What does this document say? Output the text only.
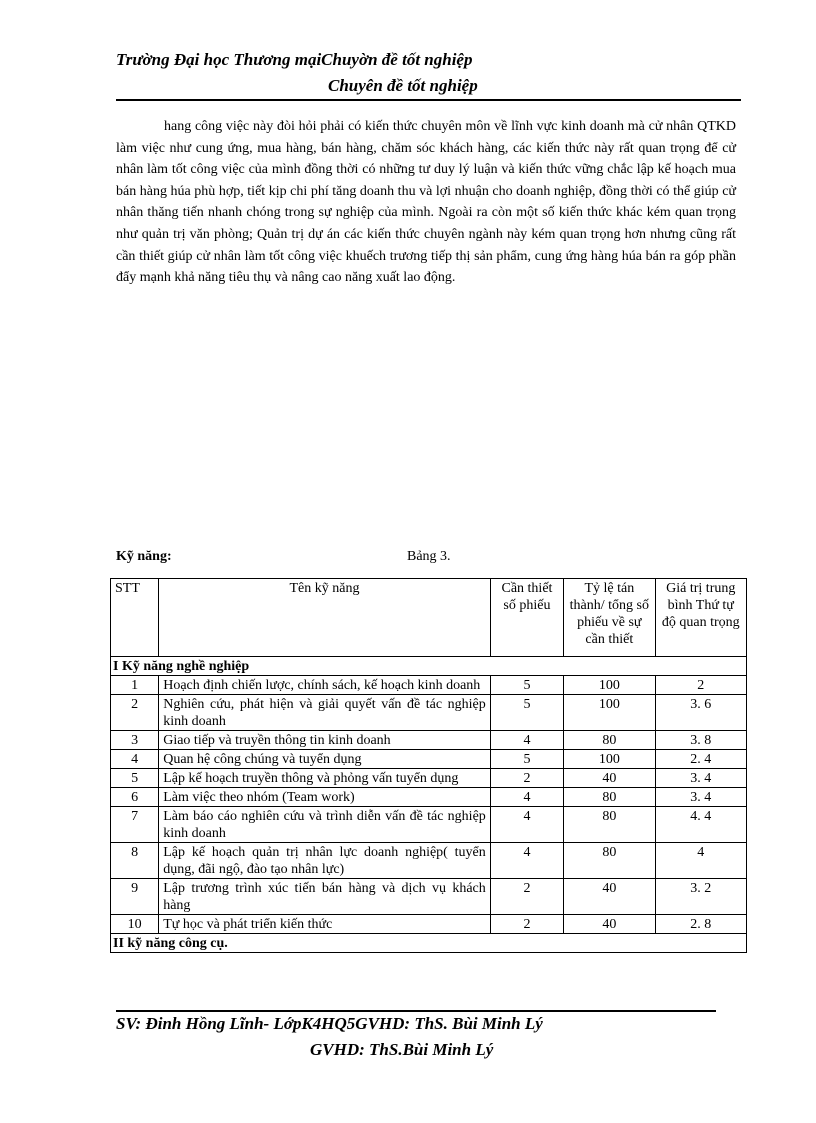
Trường Đại học Thương mạiChuyờn đề tốt nghiệp
Chuyên đề tốt nghiệp

hang công việc này đòi hỏi phải có kiến thức chuyên môn về lĩnh vực kinh doanh mà cử nhân QTKD làm việc như cung ứng, mua hàng, bán hàng, chăm sóc khách hàng, các kiến thức này rất quan trọng để cử nhân làm tốt công việc của mình đồng thời có những tư duy lý luận và kiến thức vững chắc lập kế hoạch mua bán hàng húa phù hợp, tiết kịp chi phí tăng doanh thu và lợi nhuận cho doanh nghiệp, đồng thời có thể giúp cử nhân thăng tiến nhanh chóng trong sự nghiệp của mình. Ngoài ra còn một số kiến thức khác kém quan trọng như quản trị văn phòng; Quản trị dự án các kiến thức chuyên ngành này kém quan trọng hơn nhưng cũng rất cần thiết giúp cử nhân làm tốt công việc khuếch trương tiếp thị sản phẩm, cung ứng hàng húa bán ra góp phần đẩy mạnh khả năng tiêu thụ và nâng cao năng xuất lao động.

Kỹ năng:	Bảng 3.
STT	Tên kỹ năng	Cần thiết số phiếu	Tỷ lệ tán thành/ tổng số phiếu về sự cần thiết	Giá trị trung bình Thứ tự độ quan trọng
I Kỹ năng nghề nghiệp				
1	Hoạch định chiến lược, chính sách, kế hoạch kinh doanh	5	100	2
2	Nghiên cứu, phát hiện và giải quyết vấn đề tác nghiệp kinh doanh	5	100	3. 6
3	Giao tiếp và truyền thông tin kinh doanh	4	80	3. 8
4	Quan hệ công chúng và tuyển dụng	5	100	2. 4
5	Lập kế hoạch truyền thông và phỏng vấn tuyển dụng	2	40	3. 4
6	Làm việc theo nhóm (Team work)	4	80	3. 4
7	Làm báo cáo nghiên cứu và trình diễn vấn đề tác nghiệp kinh doanh	4	80	4. 4
8	Lập kế hoạch quản trị nhân lực doanh nghiệp( tuyển dụng, đãi ngộ, đào tạo nhân lực)	4	80	4
9	Lập trương trình xúc tiến bán hàng và dịch vụ khách hàng	2	40	3. 2
10	Tự học và phát triển kiến thức	2	40	2. 8
II kỹ năng công cụ.				
SV: Đinh Hồng Lĩnh- LớpK4HQ5GVHD: ThS. Bùi Minh Lý
GVHD: ThS.Bùi Minh Lý
